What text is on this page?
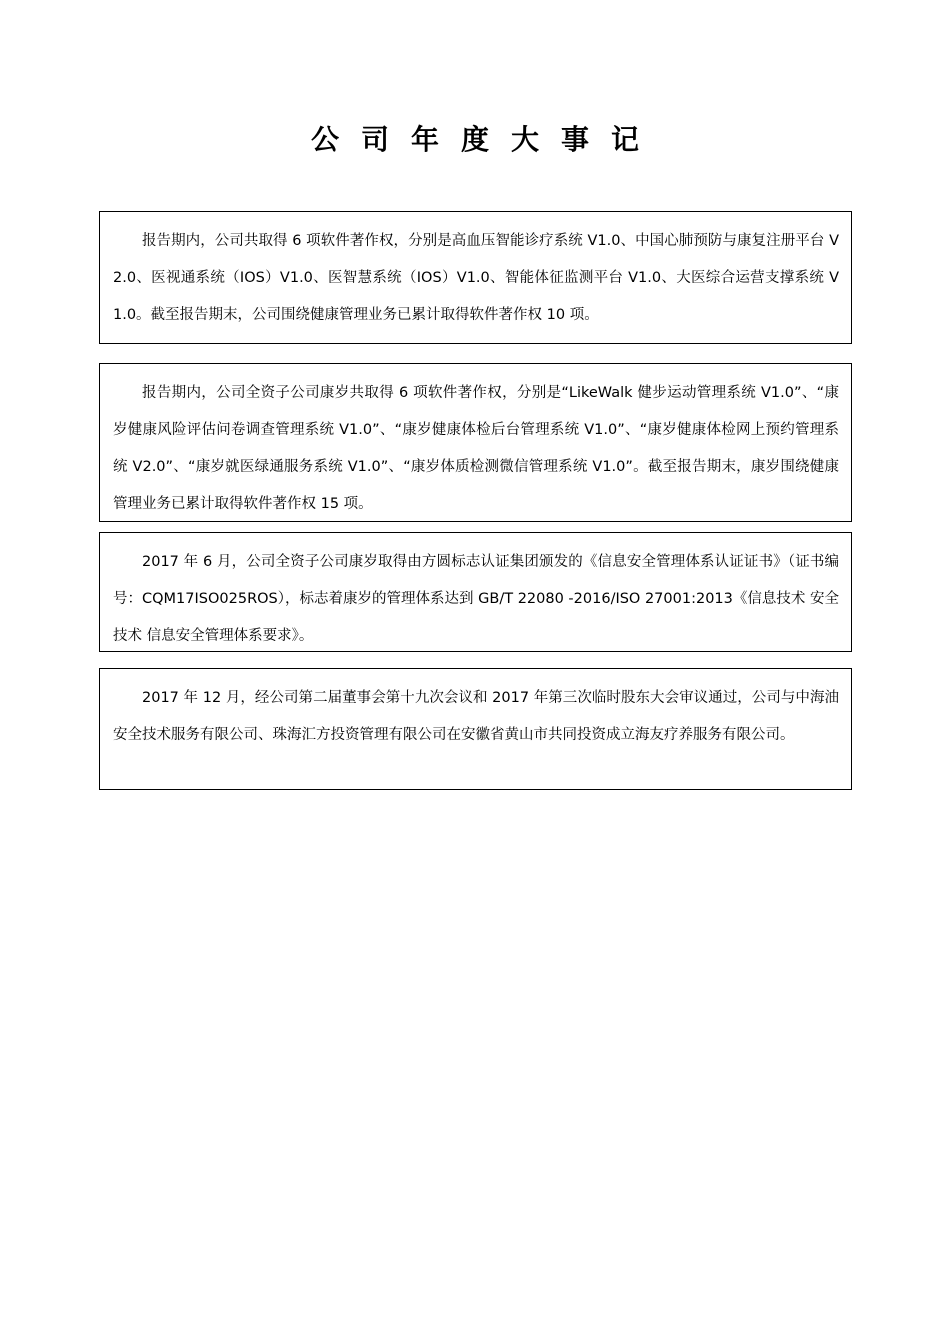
公司年度大事记

报告期内，公司共取得 6 项软件著作权，分别是高血压智能诊疗系统 V1.0、中国心肺预防与康复注册平台 V2.0、医视通系统（IOS）V1.0、医智慧系统（IOS）V1.0、智能体征监测平台 V1.0、大医综合运营支撑系统 V1.0。截至报告期末，公司围绕健康管理业务已累计取得软件著作权 10 项。

报告期内，公司全资子公司康岁共取得 6 项软件著作权，分别是“LikeWalk 健步运动管理系统 V1.0”、“康岁健康风险评估问卷调查管理系统 V1.0”、“康岁健康体检后台管理系统 V1.0”、“康岁健康体检网上预约管理系统 V2.0”、“康岁就医绿通服务系统 V1.0”、“康岁体质检测微信管理系统 V1.0”。截至报告期末，康岁围绕健康管理业务已累计取得软件著作权 15 项。

2017 年 6 月，公司全资子公司康岁取得由方圆标志认证集团颁发的《信息安全管理体系认证证书》（证书编号：CQM17ISO025ROS），标志着康岁的管理体系达到 GB/T 22080 -2016/ISO 27001:2013《信息技术 安全技术 信息安全管理体系要求》。

2017 年 12 月，经公司第二届董事会第十九次会议和 2017 年第三次临时股东大会审议通过，公司与中海油安全技术服务有限公司、珠海汇方投资管理有限公司在安徽省黄山市共同投资成立海友疗养服务有限公司。
